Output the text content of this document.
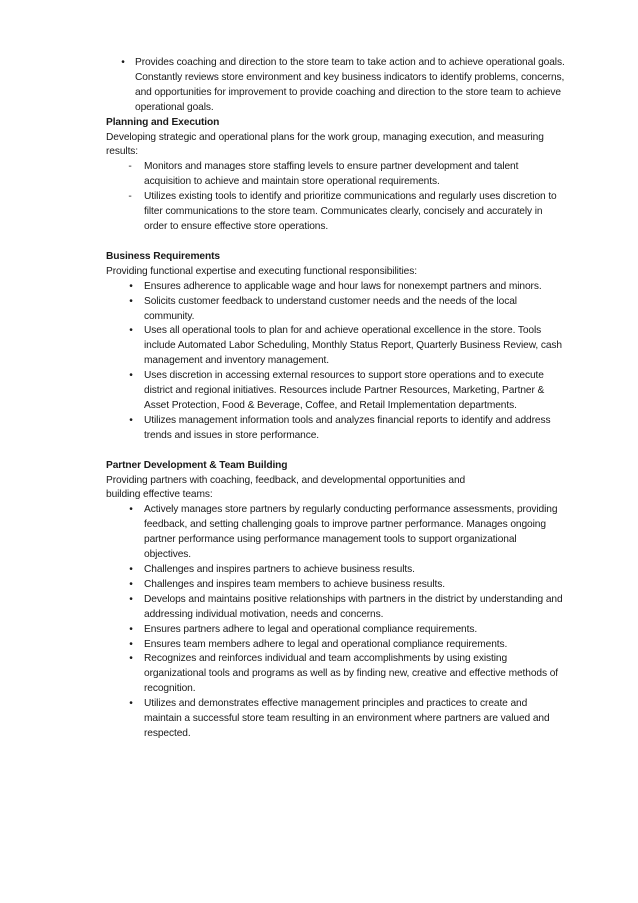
•	Provides coaching and direction to the store team to take action and to achieve operational goals. Constantly reviews store environment and key business indicators to identify problems, concerns, and opportunities for improvement to provide coaching and direction to the store team to achieve operational goals.
Planning and Execution
Developing strategic and operational plans for the work group, managing execution, and measuring results:
-	Monitors and manages store staffing levels to ensure partner development and talent acquisition to achieve and maintain store operational requirements.
-	Utilizes existing tools to identify and prioritize communications and regularly uses discretion to filter communications to the store team. Communicates clearly, concisely and accurately in order to ensure effective store operations.
Business Requirements
Providing functional expertise and executing functional responsibilities:
•	Ensures adherence to applicable wage and hour laws for nonexempt partners and minors.
•	Solicits customer feedback to understand customer needs and the needs of the local community.
•	Uses all operational tools to plan for and achieve operational excellence in the store. Tools include Automated Labor Scheduling, Monthly Status Report, Quarterly Business Review, cash management and inventory management.
•	Uses discretion in accessing external resources to support store operations and to execute district and regional initiatives. Resources include Partner Resources, Marketing, Partner & Asset Protection, Food & Beverage, Coffee, and Retail Implementation departments.
•	Utilizes management information tools and analyzes financial reports to identify and address trends and issues in store performance.
Partner Development & Team Building
Providing partners with coaching, feedback, and developmental opportunities and building effective teams:
•	Actively manages store partners by regularly conducting performance assessments, providing feedback, and setting challenging goals to improve partner performance. Manages ongoing partner performance using performance management tools to support organizational objectives.
•	Challenges and inspires partners to achieve business results.
•	Challenges and inspires team members to achieve business results.
•	Develops and maintains positive relationships with partners in the district by understanding and addressing individual motivation, needs and concerns.
•	Ensures partners adhere to legal and operational compliance requirements.
•	Ensures team members adhere to legal and operational compliance requirements.
•	Recognizes and reinforces individual and team accomplishments by using existing organizational tools and programs as well as by finding new, creative and effective methods of recognition.
•	Utilizes and demonstrates effective management principles and practices to create and maintain a successful store team resulting in an environment where partners are valued and respected.
